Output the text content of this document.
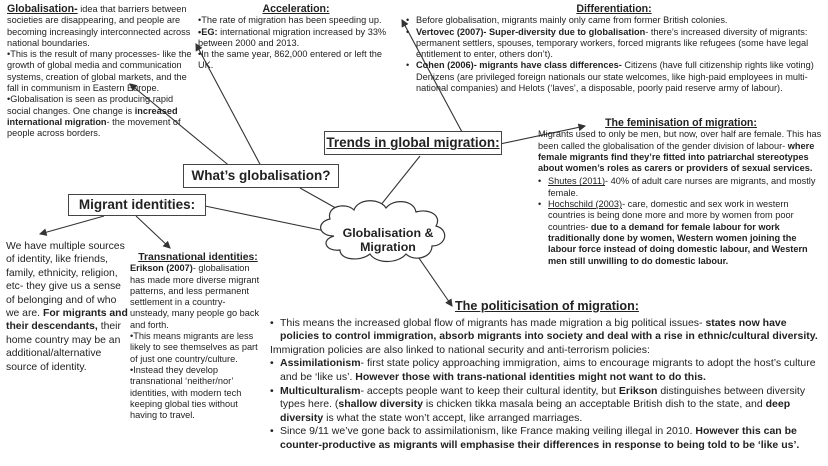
Globalisation & Migration
Trends in global migration:
What’s globalisation?
Migrant identities:

Globalisation- idea that barriers between societies are disappearing, and people are becoming increasingly interconnected across national boundaries.

•This is the result of many processes- like the growth of global media and communication systems, creation of global markets, and the fall in communism in Eastern Europe.

•Globalisation is seen as producing rapid social changes. One change is increased international migration- the movement of people across borders.

Acceleration:

•The rate of migration has been speeding up.

•EG: international migration increased by 33% between 2000 and 2013.

•In the same year, 862,000 entered or left the UK.

Differentiation:

• Before globalisation, migrants mainly only came from former British colonies.
• Vertovec (2007)- Super-diversity due to globalisation- there’s increased diversity of migrants: permanent settlers, spouses, temporary workers, forced migrants like refugees (some have legal entitlement to enter, others don’t).
• Cohen (2006)- migrants have class differences- Citizens (have full citizenship rights like voting) Denizens (are privileged foreign nationals our state welcomes, like high-paid employees in multi-national companies) and Helots (‘laves’, a disposable, poorly paid reserve army of labour).

The feminisation of migration:

Migrants used to only be men, but now, over half are female. This has been called the globalisation of the gender division of labour- where female migrants find they’re fitted into patriarchal stereotypes about women’s roles as carers or providers of sexual services.

• Shutes (2011)- 40% of adult care nurses are migrants, and mostly female.
• Hochschild (2003)- care, domestic and sex work in western countries is being done more and more by women from poor countries- due to a demand for female labour for work traditionally done by women, Western women joining the labour force instead of doing domestic labour, and Western men still unwilling to do domestic labour.

We have multiple sources of identity, like friends, family, ethnicity, religion, etc- they give us a sense of belonging and of who we are. For migrants and their descendants, their home country may be an additional/alternative source of identity.

Transnational identities:

Erikson (2007)- globalisation has made more diverse migrant patterns, and less permanent settlement in a country- unsteady, many people go back and forth.

•This means migrants are less likely to see themselves as part of just one country/culture.

•Instead they develop transnational ‘neither/nor’ identities, with modern tech keeping global ties without having to travel.

The politicisation of migration:

• This means the increased global flow of migrants has made migration a big political issues- states now have policies to control immigration, absorb migrants into society and deal with a rise in ethnic/cultural diversity.

Immigration policies are also linked to national security and anti-terrorism policies:

• Assimilationism- first state policy approaching immigration, aims to encourage migrants to adopt the host’s culture and be ‘like us’. However those with trans-national identities might not want to do this.
• Multiculturalism- accepts people want to keep their cultural identity, but Erikson distinguishes between diversity types here. (shallow diversity is chicken tikka masala being an acceptable British dish to the state, and deep diversity is what the state won’t accept, like arranged marriages.
• Since 9/11 we’ve gone back to assimilationism, like France making veiling illegal in 2010. However this can be counter-productive as migrants will emphasise their differences in response to being told to be ‘like us’.
